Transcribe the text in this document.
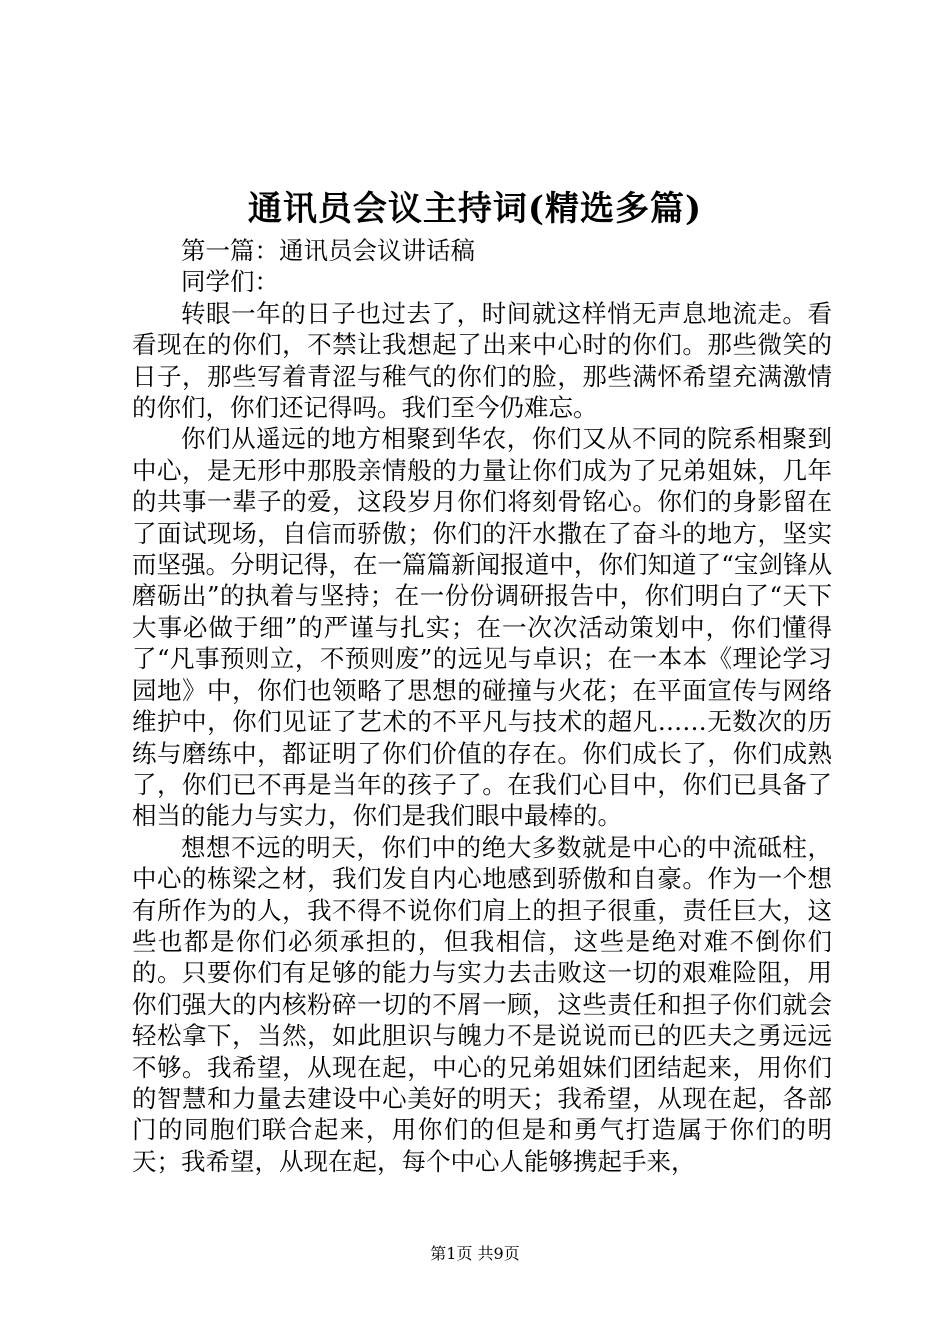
通讯员会议主持词(精选多篇)

第一篇：通讯员会议讲话稿

同学们：

转眼一年的日子也过去了，时间就这样悄无声息地流走。看看现在的你们，不禁让我想起了出来中心时的你们。那些微笑的日子，那些写着青涩与稚气的你们的脸，那些满怀希望充满激情的你们，你们还记得吗。我们至今仍难忘。

你们从遥远的地方相聚到华农，你们又从不同的院系相聚到中心，是无形中那股亲情般的力量让你们成为了兄弟姐妹，几年的共事一辈子的爱，这段岁月你们将刻骨铭心。你们的身影留在了面试现场，自信而骄傲；你们的汗水撒在了奋斗的地方，坚实而坚强。分明记得，在一篇篇新闻报道中，你们知道了“宝剑锋从磨砺出”的执着与坚持；在一份份调研报告中，你们明白了“天下大事必做于细”的严谨与扎实；在一次次活动策划中，你们懂得了“凡事预则立，不预则废”的远见与卓识；在一本本《理论学习园地》中，你们也领略了思想的碰撞与火花；在平面宣传与网络维护中，你们见证了艺术的不平凡与技术的超凡……无数次的历练与磨练中，都证明了你们价值的存在。你们成长了，你们成熟了，你们已不再是当年的孩子了。在我们心目中，你们已具备了相当的能力与实力，你们是我们眼中最棒的。

想想不远的明天，你们中的绝大多数就是中心的中流砥柱，中心的栋梁之材，我们发自内心地感到骄傲和自豪。作为一个想有所作为的人，我不得不说你们肩上的担子很重，责任巨大，这些也都是你们必须承担的，但我相信，这些是绝对难不倒你们的。只要你们有足够的能力与实力去击败这一切的艰难险阻，用你们强大的内核粉碎一切的不屑一顾，这些责任和担子你们就会轻松拿下，当然，如此胆识与魄力不是说说而已的匹夫之勇远远不够。我希望，从现在起，中心的兄弟姐妹们团结起来，用你们的智慧和力量去建设中心美好的明天；我希望，从现在起，各部门的同胞们联合起来，用你们的但是和勇气打造属于你们的明天；我希望，从现在起，每个中心人能够携起手来，

第1页 共9页
